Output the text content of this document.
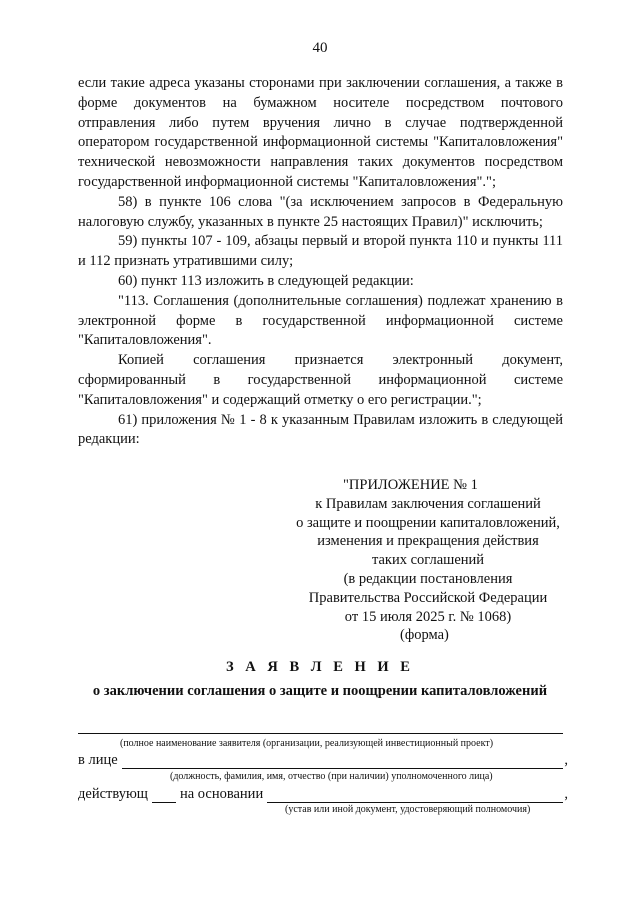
40

если такие адреса указаны сторонами при заключении соглашения, а также в форме документов на бумажном носителе посредством почтового отправления либо путем вручения лично в случае подтвержденной оператором государственной информационной системы "Капиталовложения" технической невозможности направления таких документов посредством государственной информационной системы "Капиталовложения".";

58) в пункте 106 слова "(за исключением запросов в Федеральную налоговую службу, указанных в пункте 25 настоящих Правил)" исключить;

59) пункты 107 - 109, абзацы первый и второй пункта 110 и пункты 111 и 112 признать утратившими силу;

60) пункт 113 изложить в следующей редакции:

"113. Соглашения (дополнительные соглашения) подлежат хранению в электронной форме в государственной информационной системе "Капиталовложения".

Копией соглашения признается электронный документ, сформированный в государственной информационной системе "Капиталовложения" и содержащий отметку о его регистрации.";

61) приложения № 1 - 8 к указанным Правилам изложить в следующей редакции:

"ПРИЛОЖЕНИЕ № 1
к Правилам заключения соглашений
о защите и поощрении капиталовложений,
изменения и прекращения действия
таких соглашений
(в редакции постановления
Правительства Российской Федерации
от 15 июля 2025 г. № 1068)
(форма)
З А Я В Л Е Н И Е
о заключении соглашения о защите и поощрении капиталовложений
(полное наименование заявителя (организации, реализующей инвестиционный проект)
в лице	,
(должность, фамилия, имя, отчество (при наличии) уполномоченного лица)
действующ на основании	,
(устав или иной документ, удостоверяющий полномочия)
